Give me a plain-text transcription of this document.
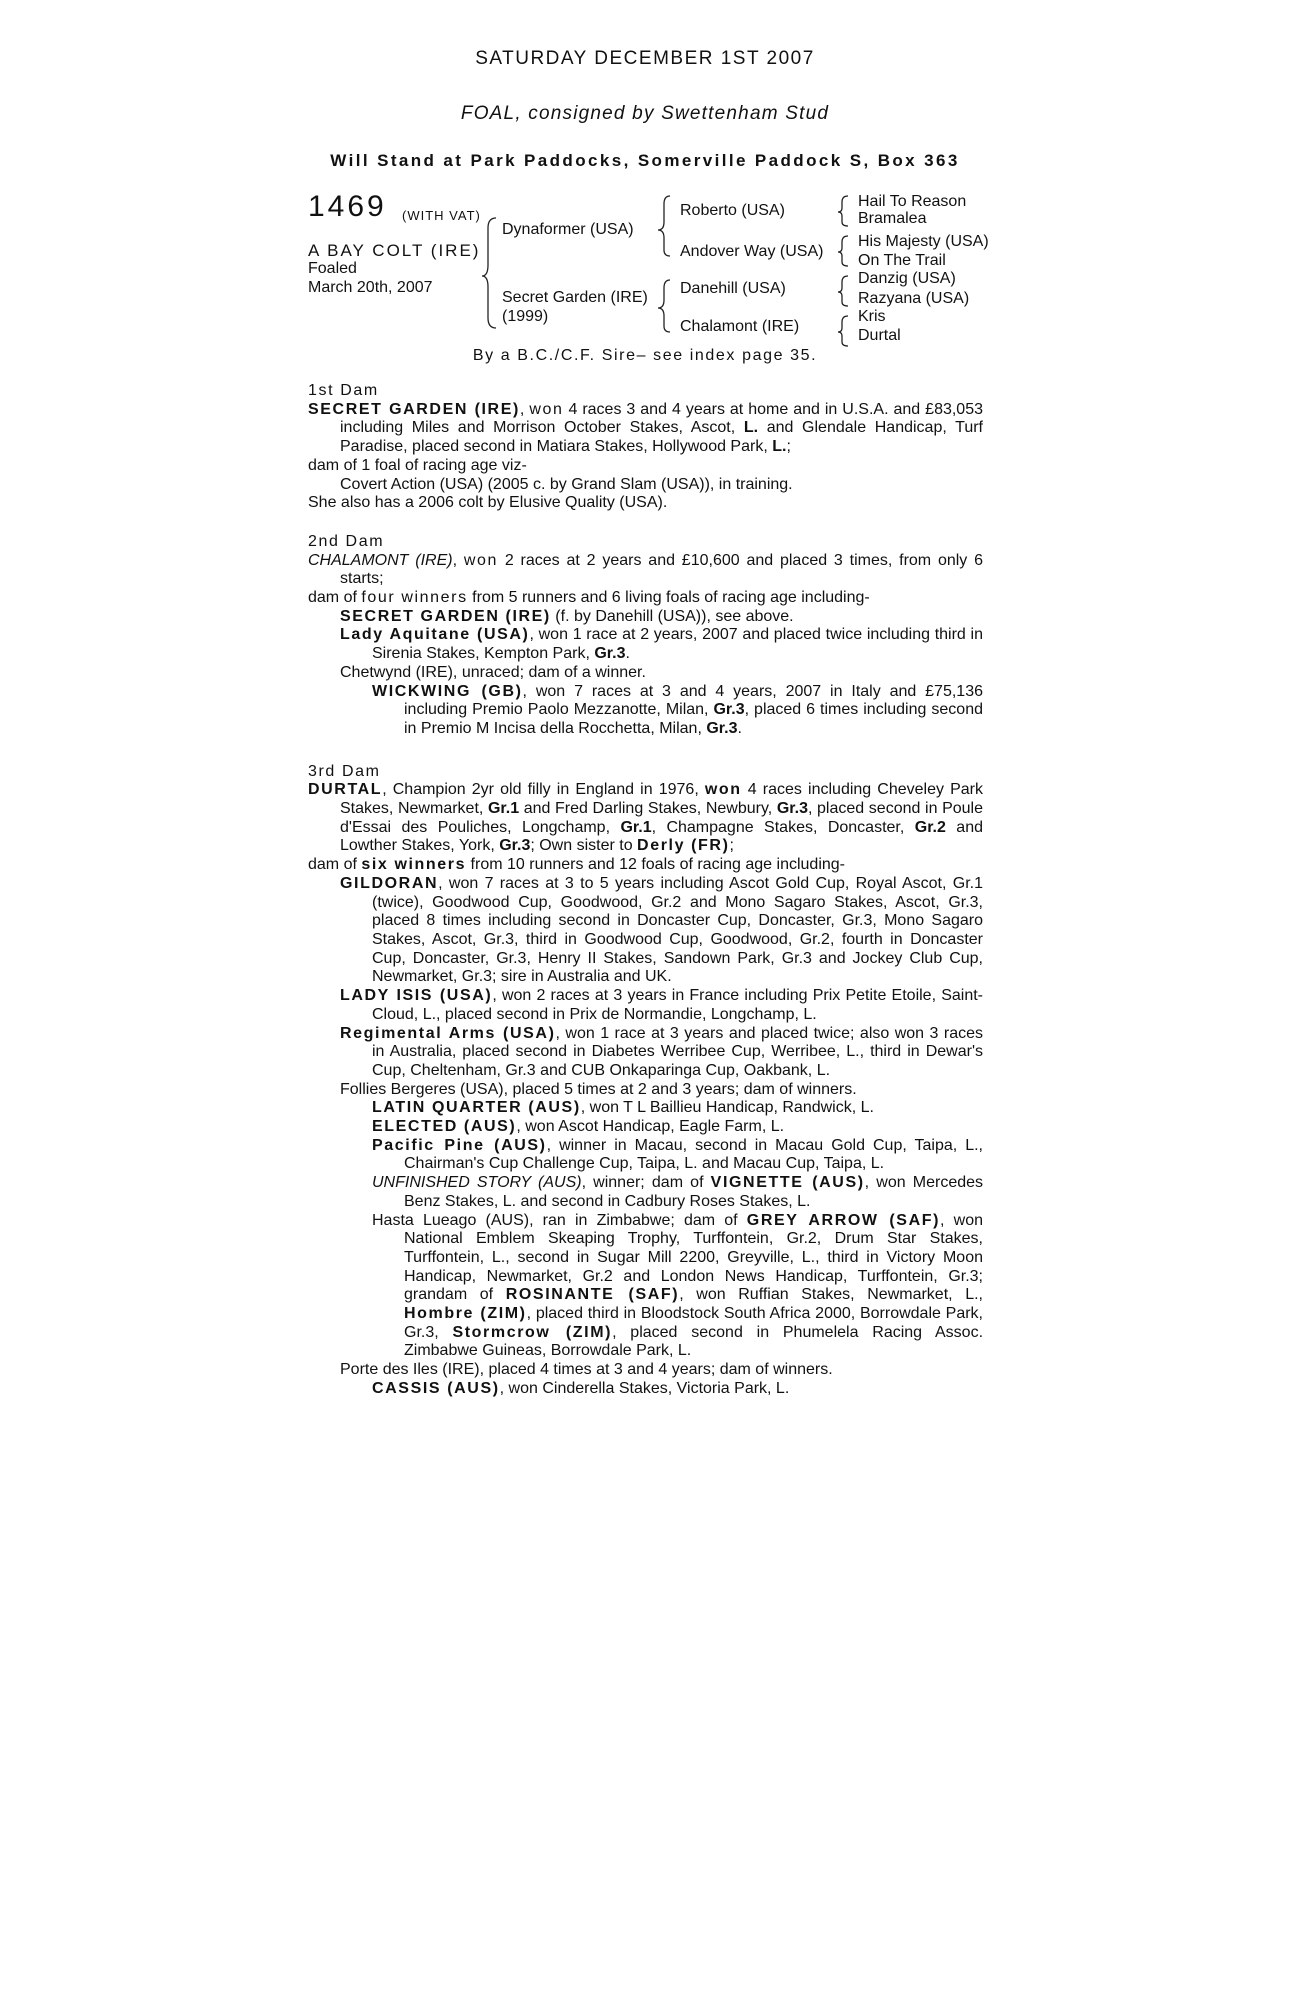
SATURDAY DECEMBER 1ST 2007
FOAL, consigned by Swettenham Stud
Will Stand at Park Paddocks, Somerville Paddock S, Box 363
1469 (WITH VAT)
A BAY COLT (IRE)
Foaled
March 20th, 2007
Dynaformer (USA)
Secret Garden (IRE)
(1999)
Roberto (USA)
Andover Way (USA)
Danehill (USA)
Chalamont (IRE)
Hail To Reason
Bramalea
His Majesty (USA)
On The Trail
Danzig (USA)
Razyana (USA)
Kris
Durtal
By a B.C./C.F. Sire– see index page 35.
1st Dam

SECRET GARDEN (IRE), won 4 races 3 and 4 years at home and in U.S.A. and £83,053 including Miles and Morrison October Stakes, Ascot, L. and Glendale Handicap, Turf Paradise, placed second in Matiara Stakes, Hollywood Park, L.;

dam of 1 foal of racing age viz-
Covert Action (USA) (2005 c. by Grand Slam (USA)), in training.
She also has a 2006 colt by Elusive Quality (USA).
2nd Dam

CHALAMONT (IRE), won 2 races at 2 years and £10,600 and placed 3 times, from only 6 starts;

dam of four winners from 5 runners and 6 living foals of racing age including-

SECRET GARDEN (IRE) (f. by Danehill (USA)), see above.

Lady Aquitane (USA), won 1 race at 2 years, 2007 and placed twice including third in Sirenia Stakes, Kempton Park, Gr.3.

Chetwynd (IRE), unraced; dam of a winner.

WICKWING (GB), won 7 races at 3 and 4 years, 2007 in Italy and £75,136 including Premio Paolo Mezzanotte, Milan, Gr.3, placed 6 times including second in Premio M Incisa della Rocchetta, Milan, Gr.3.

3rd Dam

DURTAL, Champion 2yr old filly in England in 1976, won 4 races including Cheveley Park Stakes, Newmarket, Gr.1 and Fred Darling Stakes, Newbury, Gr.3, placed second in Poule d'Essai des Pouliches, Longchamp, Gr.1, Champagne Stakes, Doncaster, Gr.2 and Lowther Stakes, York, Gr.3; Own sister to Derly (FR);

dam of six winners from 10 runners and 12 foals of racing age including-

GILDORAN, won 7 races at 3 to 5 years including Ascot Gold Cup, Royal Ascot, Gr.1 (twice), Goodwood Cup, Goodwood, Gr.2 and Mono Sagaro Stakes, Ascot, Gr.3, placed 8 times including second in Doncaster Cup, Doncaster, Gr.3, Mono Sagaro Stakes, Ascot, Gr.3, third in Goodwood Cup, Goodwood, Gr.2, fourth in Doncaster Cup, Doncaster, Gr.3, Henry II Stakes, Sandown Park, Gr.3 and Jockey Club Cup, Newmarket, Gr.3; sire in Australia and UK.

LADY ISIS (USA), won 2 races at 3 years in France including Prix Petite Etoile, Saint-Cloud, L., placed second in Prix de Normandie, Longchamp, L.

Regimental Arms (USA), won 1 race at 3 years and placed twice; also won 3 races in Australia, placed second in Diabetes Werribee Cup, Werribee, L., third in Dewar's Cup, Cheltenham, Gr.3 and CUB Onkaparinga Cup, Oakbank, L.

Follies Bergeres (USA), placed 5 times at 2 and 3 years; dam of winners.

LATIN QUARTER (AUS), won T L Baillieu Handicap, Randwick, L.

ELECTED (AUS), won Ascot Handicap, Eagle Farm, L.

Pacific Pine (AUS), winner in Macau, second in Macau Gold Cup, Taipa, L., Chairman's Cup Challenge Cup, Taipa, L. and Macau Cup, Taipa, L.

UNFINISHED STORY (AUS), winner; dam of VIGNETTE (AUS), won Mercedes Benz Stakes, L. and second in Cadbury Roses Stakes, L.

Hasta Lueago (AUS), ran in Zimbabwe; dam of GREY ARROW (SAF), won National Emblem Skeaping Trophy, Turffontein, Gr.2, Drum Star Stakes, Turffontein, L., second in Sugar Mill 2200, Greyville, L., third in Victory Moon Handicap, Newmarket, Gr.2 and London News Handicap, Turffontein, Gr.3; grandam of ROSINANTE (SAF), won Ruffian Stakes, Newmarket, L., Hombre (ZIM), placed third in Bloodstock South Africa 2000, Borrowdale Park, Gr.3, Stormcrow (ZIM), placed second in Phumelela Racing Assoc. Zimbabwe Guineas, Borrowdale Park, L.

Porte des Iles (IRE), placed 4 times at 3 and 4 years; dam of winners.

CASSIS (AUS), won Cinderella Stakes, Victoria Park, L.
